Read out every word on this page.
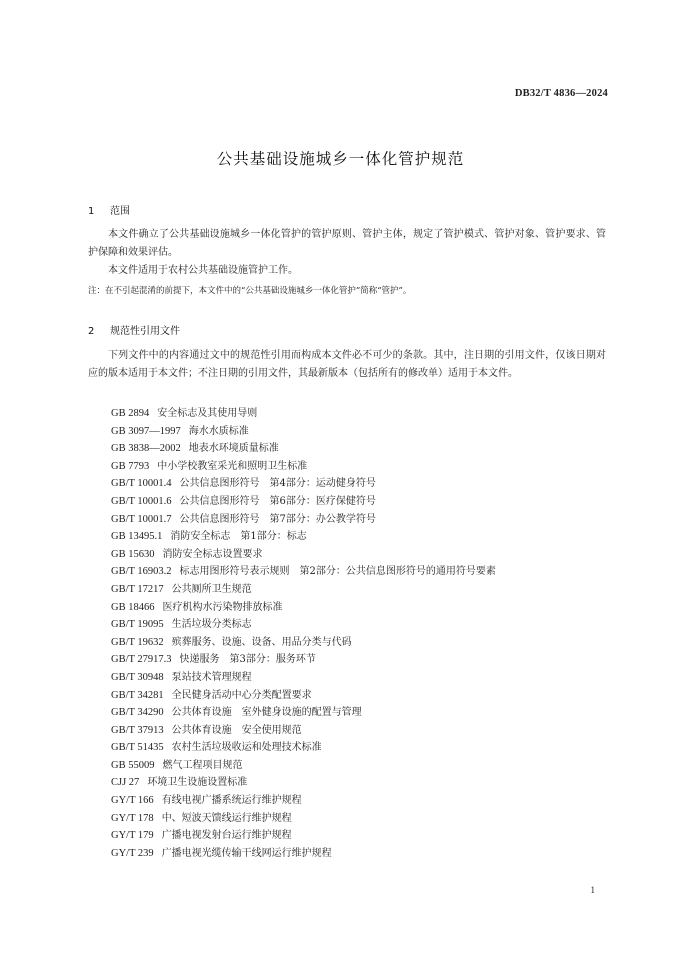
DB32/T 4836—2024
公共基础设施城乡一体化管护规范
1 范围

本文件确立了公共基础设施城乡一体化管护的管护原则、管护主体，规定了管护模式、管护对象、管护要求、管护保障和效果评估。

本文件适用于农村公共基础设施管护工作。

注：在不引起混淆的前提下，本文件中的“公共基础设施城乡一体化管护”简称“管护”。

2 规范性引用文件

下列文件中的内容通过文中的规范性引用而构成本文件必不可少的条款。其中，注日期的引用文件，仅该日期对应的版本适用于本文件；不注日期的引用文件，其最新版本（包括所有的修改单）适用于本文件。

GB 2894 安全标志及其使用导则
GB 3097—1997 海水水质标准
GB 3838—2002 地表水环境质量标准
GB 7793 中小学校教室采光和照明卫生标准
GB/T 10001.4 公共信息图形符号　第4部分：运动健身符号
GB/T 10001.6 公共信息图形符号　第6部分：医疗保健符号
GB/T 10001.7 公共信息图形符号　第7部分：办公教学符号
GB 13495.1 消防安全标志　第1部分：标志
GB 15630 消防安全标志设置要求
GB/T 16903.2 标志用图形符号表示规则　第2部分：公共信息图形符号的通用符号要素
GB/T 17217 公共厕所卫生规范
GB 18466 医疗机构水污染物排放标准
GB/T 19095 生活垃圾分类标志
GB/T 19632 殡葬服务、设施、设备、用品分类与代码
GB/T 27917.3 快递服务　第3部分：服务环节
GB/T 30948 泵站技术管理规程
GB/T 34281 全民健身活动中心分类配置要求
GB/T 34290 公共体育设施　室外健身设施的配置与管理
GB/T 37913 公共体育设施　安全使用规范
GB/T 51435 农村生活垃圾收运和处理技术标准
GB 55009 燃气工程项目规范
CJJ 27 环境卫生设施设置标准
GY/T 166 有线电视广播系统运行维护规程
GY/T 178 中、短波天馈线运行维护规程
GY/T 179 广播电视发射台运行维护规程
GY/T 239 广播电视光缆传输干线网运行维护规程
1
